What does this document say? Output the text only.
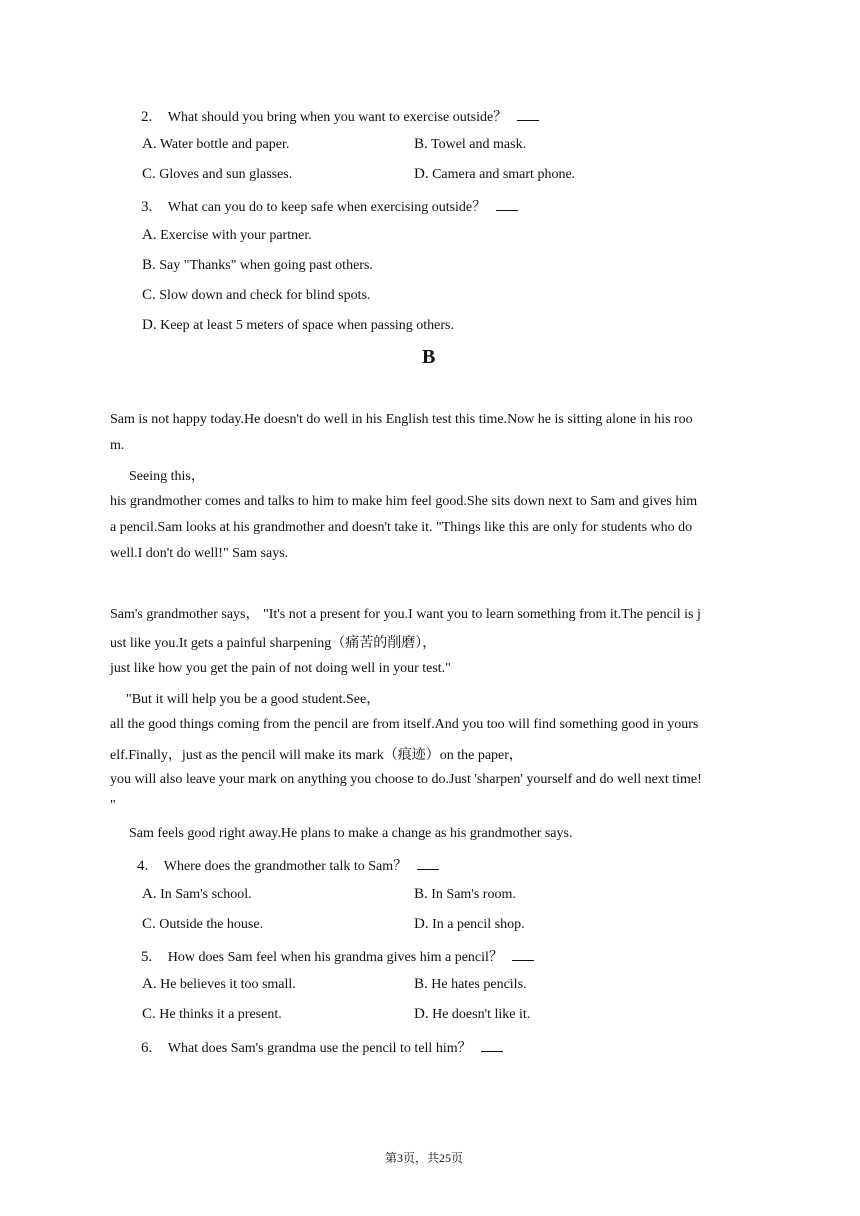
2. What should you bring when you want to exercise outside？
A. Water bottle and paper.	B. Towel and mask.
C. Gloves and sun glasses.	D. Camera and smart phone.
3. What can you do to keep safe when exercising outside？
A. Exercise with your partner.
B. Say "Thanks" when going past others.
C. Slow down and check for blind spots.
D. Keep at least 5 meters of space when passing others.
B
Sam is not happy today.He doesn't do well in his English test this time.Now he is sitting alone in his roo
m.
Seeing this，
his grandmother comes and talks to him to make him feel good.She sits down next to Sam and gives him
a pencil.Sam looks at his grandmother and doesn't take it. "Things like this are only for students who do
well.I don't do well!" Sam says.
Sam's grandmother says， "It's not a present for you.I want you to learn something from it.The pencil is j
ust like you.It gets a painful sharpening（痛苦的削磨），
just like how you get the pain of not doing well in your test."
"But it will help you be a good student.See，
all the good things coming from the pencil are from itself.And you too will find something good in yours
elf.Finally，just as the pencil will make its mark（痕迹）on the paper，
you will also leave your mark on anything you choose to do.Just 'sharpen' yourself and do well next time!
"
Sam feels good right away.He plans to make a change as his grandmother says.
4. Where does the grandmother talk to Sam？
A. In Sam's school.	B. In Sam's room.
C. Outside the house.	D. In a pencil shop.
5. How does Sam feel when his grandma gives him a pencil？
A. He believes it too small.	B. He hates pencils.
C. He thinks it a present.	D. He doesn't like it.
6. What does Sam's grandma use the pencil to tell him？
第3页，共25页
